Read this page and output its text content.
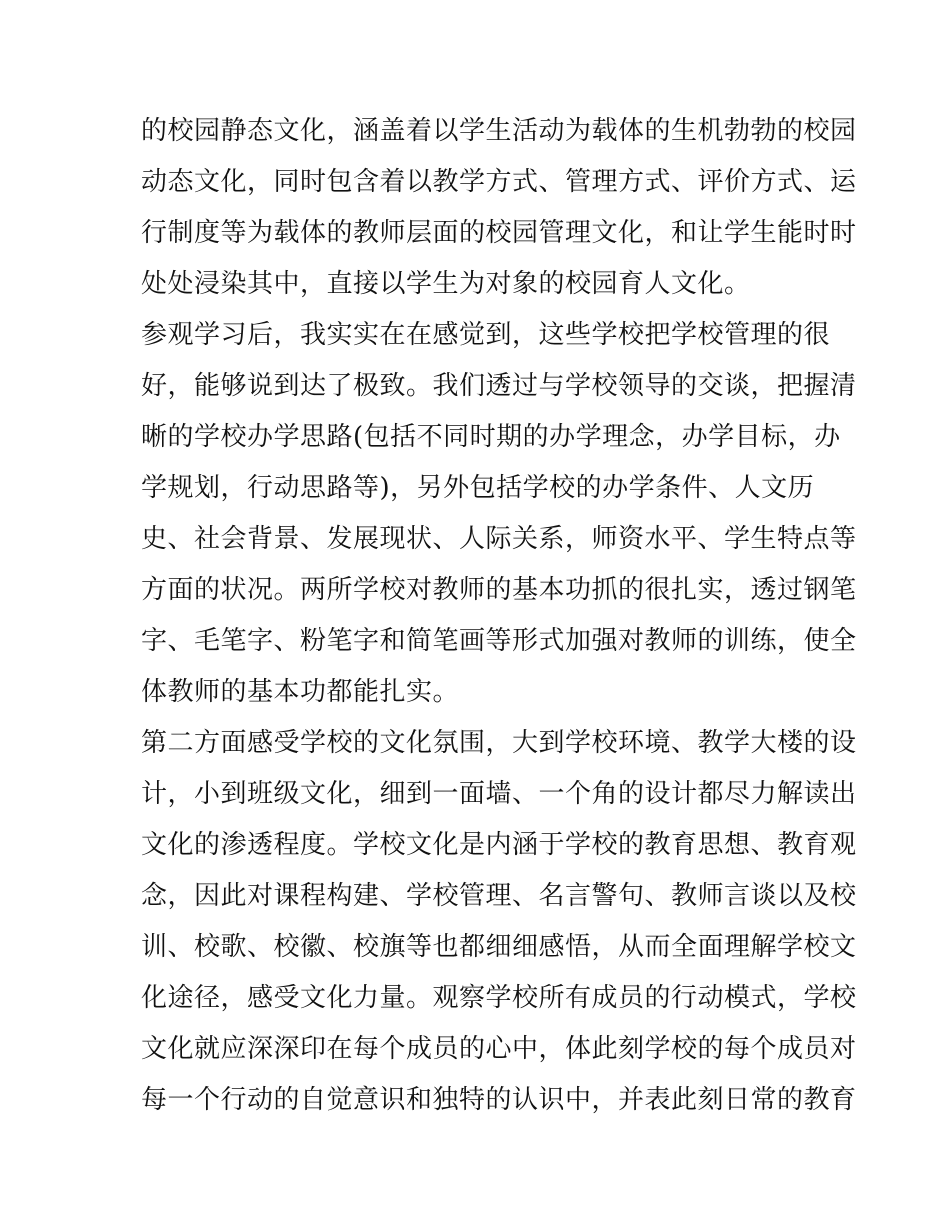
的校园静态文化，涵盖着以学生活动为载体的生机勃勃的校园
动态文化，同时包含着以教学方式、管理方式、评价方式、运
行制度等为载体的教师层面的校园管理文化，和让学生能时时
处处浸染其中，直接以学生为对象的校园育人文化。
参观学习后，我实实在在感觉到，这些学校把学校管理的很
好，能够说到达了极致。我们透过与学校领导的交谈，把握清
晰的学校办学思路(包括不同时期的办学理念，办学目标，办
学规划，行动思路等)，另外包括学校的办学条件、人文历
史、社会背景、发展现状、人际关系，师资水平、学生特点等
方面的状况。两所学校对教师的基本功抓的很扎实，透过钢笔
字、毛笔字、粉笔字和简笔画等形式加强对教师的训练，使全
体教师的基本功都能扎实。
第二方面感受学校的文化氛围，大到学校环境、教学大楼的设
计，小到班级文化，细到一面墙、一个角的设计都尽力解读出
文化的渗透程度。学校文化是内涵于学校的教育思想、教育观
念，因此对课程构建、学校管理、名言警句、教师言谈以及校
训、校歌、校徽、校旗等也都细细感悟，从而全面理解学校文
化途径，感受文化力量。观察学校所有成员的行动模式，学校
文化就应深深印在每个成员的心中，体此刻学校的每个成员对
每一个行动的自觉意识和独特的认识中，并表此刻日常的教育
